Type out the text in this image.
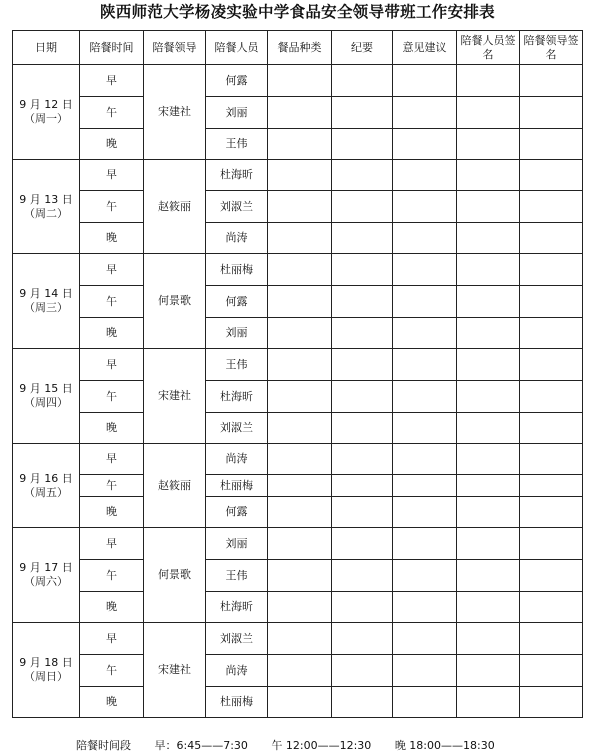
陕西师范大学杨凌实验中学食品安全领导带班工作安排表
日期	陪餐时间	陪餐领导	陪餐人员	餐品种类	纪要	意见建议	陪餐人员签名	陪餐领导签名

9 月 12 日
（周一）	早	宋建社	何露					
	午		刘丽					
	晚		王伟					

9 月 13 日
（周二）	早	赵筱丽	杜海昕					
	午		刘淑兰					
	晚		尚涛					

9 月 14 日
（周三）	早	何景歌	杜丽梅					
	午		何露					
	晚		刘丽					

9 月 15 日
（周四）	早	宋建社	王伟					
	午		杜海昕					
	晚		刘淑兰					

9 月 16 日
（周五）	早	赵筱丽	尚涛					
	午		杜丽梅					
	晚		何露					

9 月 17 日
（周六）	早	何景歌	刘丽					
	午		王伟					
	晚		杜海昕					

9 月 18 日
（周日）	早	宋建社	刘淑兰					
	午		尚涛					
	晚		杜丽梅					
陪餐时间段 早：6:45——7:30 午 12:00——12:30 晚 18:00——18:30
